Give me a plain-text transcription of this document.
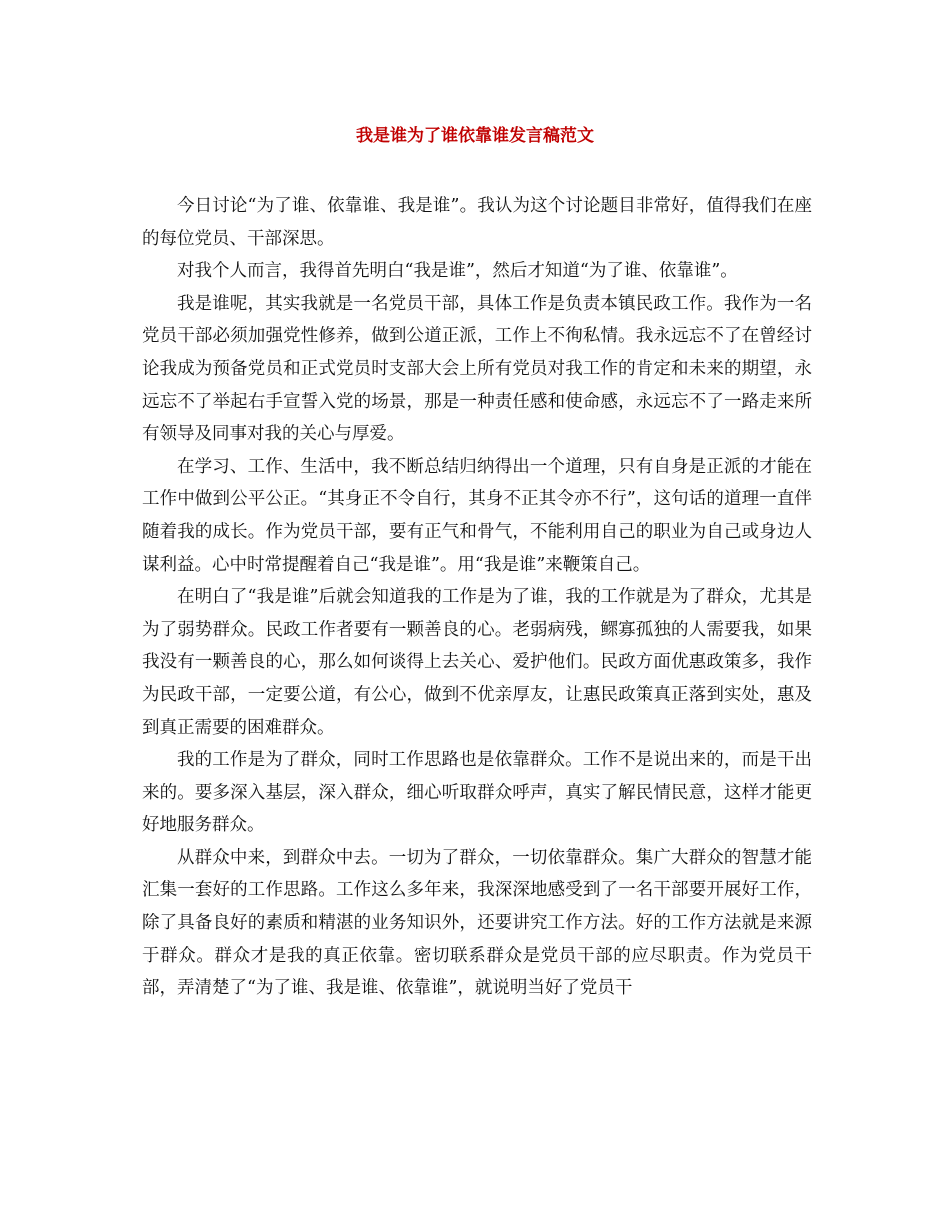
我是谁为了谁依靠谁发言稿范文

今日讨论“为了谁、依靠谁、我是谁”。我认为这个讨论题目非常好，值得我们在座的每位党员、干部深思。

对我个人而言，我得首先明白“我是谁”，然后才知道“为了谁、依靠谁”。

我是谁呢，其实我就是一名党员干部，具体工作是负责本镇民政工作。我作为一名党员干部必须加强党性修养，做到公道正派，工作上不徇私情。我永远忘不了在曾经讨论我成为预备党员和正式党员时支部大会上所有党员对我工作的肯定和未来的期望，永远忘不了举起右手宣誓入党的场景，那是一种责任感和使命感，永远忘不了一路走来所有领导及同事对我的关心与厚爱。

在学习、工作、生活中，我不断总结归纳得出一个道理，只有自身是正派的才能在工作中做到公平公正。“其身正不令自行，其身不正其令亦不行”，这句话的道理一直伴随着我的成长。作为党员干部，要有正气和骨气，不能利用自己的职业为自己或身边人谋利益。心中时常提醒着自己“我是谁”。用“我是谁”来鞭策自己。

在明白了“我是谁”后就会知道我的工作是为了谁，我的工作就是为了群众，尤其是为了弱势群众。民政工作者要有一颗善良的心。老弱病残，鳏寡孤独的人需要我，如果我没有一颗善良的心，那么如何谈得上去关心、爱护他们。民政方面优惠政策多，我作为民政干部，一定要公道，有公心，做到不优亲厚友，让惠民政策真正落到实处，惠及到真正需要的困难群众。

我的工作是为了群众，同时工作思路也是依靠群众。工作不是说出来的，而是干出来的。要多深入基层，深入群众，细心听取群众呼声，真实了解民情民意，这样才能更好地服务群众。

从群众中来，到群众中去。一切为了群众，一切依靠群众。集广大群众的智慧才能汇集一套好的工作思路。工作这么多年来，我深深地感受到了一名干部要开展好工作，除了具备良好的素质和精湛的业务知识外，还要讲究工作方法。好的工作方法就是来源于群众。群众才是我的真正依靠。密切联系群众是党员干部的应尽职责。作为党员干部，弄清楚了“为了谁、我是谁、依靠谁”，就说明当好了党员干
